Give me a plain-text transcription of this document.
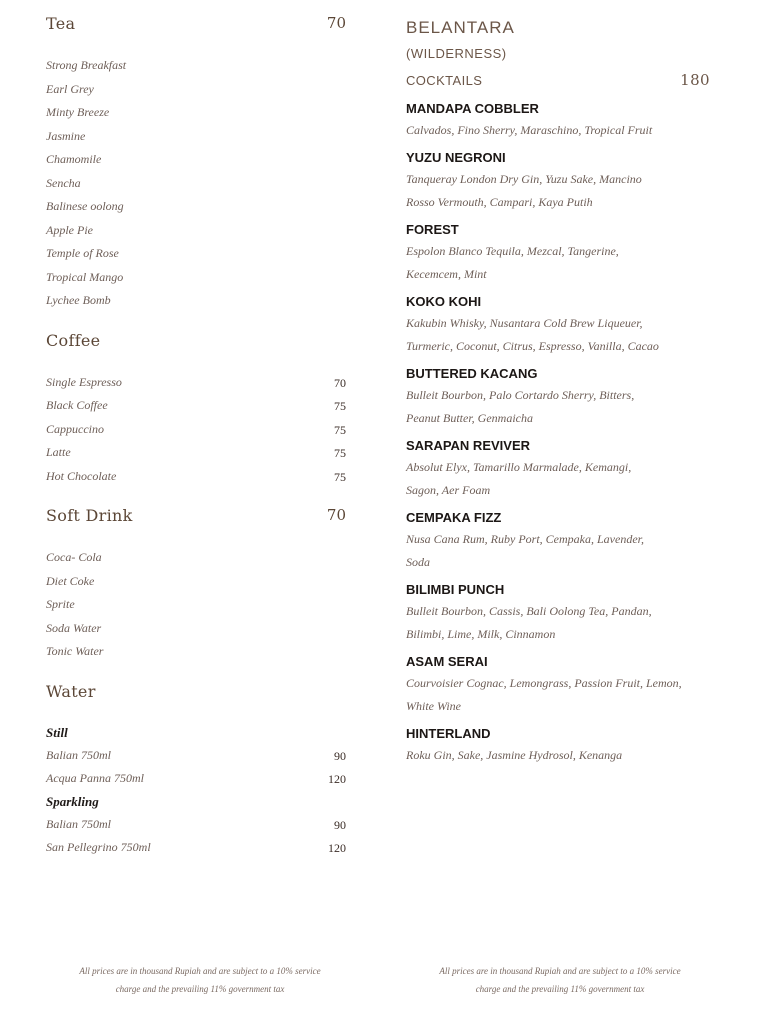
Tea	70
Strong Breakfast
Earl Grey
Minty Breeze
Jasmine
Chamomile
Sencha
Balinese oolong
Apple Pie
Temple of Rose
Tropical Mango
Lychee Bomb
Coffee
Single Espresso	70
Black Coffee	75
Cappuccino	75
Latte	75
Hot Chocolate	75
Soft Drink	70
Coca- Cola
Diet Coke
Sprite
Soda Water
Tonic Water
Water
Still
Balian 750ml	90
Acqua Panna 750ml	120
Sparkling
Balian 750ml	90
San Pellegrino 750ml	120
BELANTARA
(WILDERNESS)
COCKTAILS	180
MANDAPA COBBLER
Calvados, Fino Sherry, Maraschino, Tropical Fruit
YUZU NEGRONI
Tanqueray London Dry Gin, Yuzu Sake, Mancino
Rosso Vermouth, Campari, Kaya Putih
FOREST
Espolon Blanco Tequila, Mezcal, Tangerine,
Kecemcem, Mint
KOKO KOHI
Kakubin Whisky, Nusantara Cold Brew Liqueuer,
Turmeric, Coconut, Citrus, Espresso, Vanilla, Cacao
BUTTERED KACANG
Bulleit Bourbon, Palo Cortardo Sherry, Bitters,
Peanut Butter, Genmaicha
SARAPAN REVIVER
Absolut Elyx, Tamarillo Marmalade, Kemangi,
Sagon, Aer Foam
CEMPAKA FIZZ
Nusa Cana Rum, Ruby Port, Cempaka, Lavender,
Soda
BILIMBI PUNCH
Bulleit Bourbon, Cassis, Bali Oolong Tea, Pandan,
Bilimbi, Lime, Milk, Cinnamon
ASAM SERAI
Courvoisier Cognac, Lemongrass, Passion Fruit, Lemon,
White Wine
HINTERLAND
Roku Gin, Sake, Jasmine Hydrosol, Kenanga
All prices are in thousand Rupiah and are subject to a 10% service
charge and the prevailing 11% government tax
All prices are in thousand Rupiah and are subject to a 10% service
charge and the prevailing 11% government tax
